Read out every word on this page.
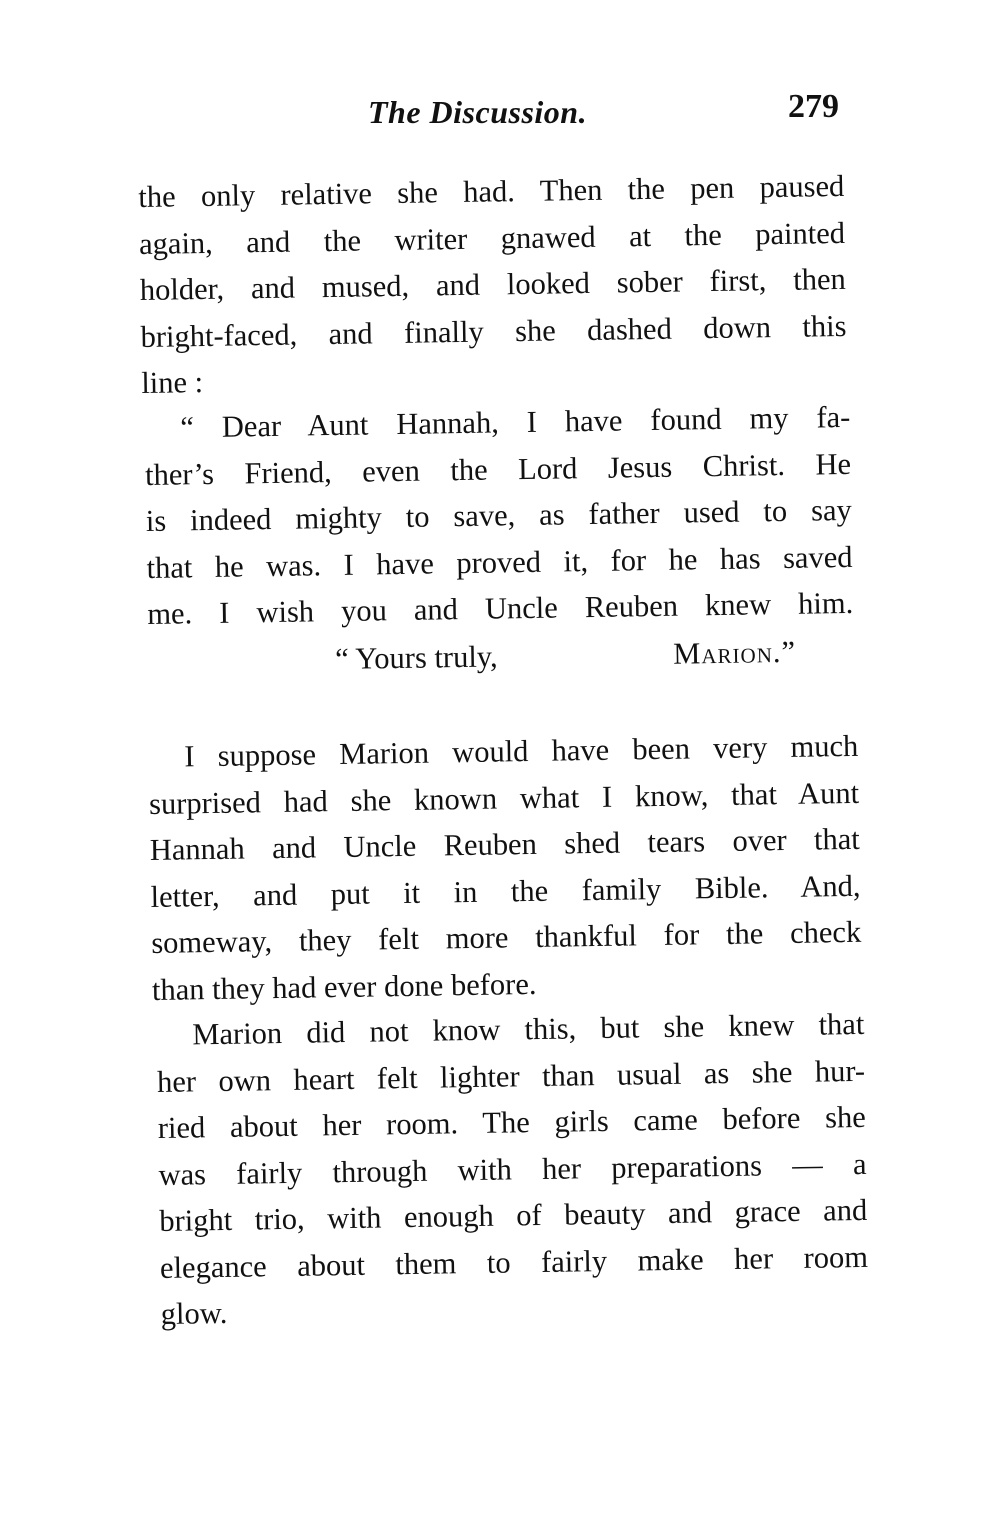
The Discussion.	279
the only relative she had. Then the pen paused
again, and the writer gnawed at the painted
holder, and mused, and looked sober first, then
bright-faced, and finally she dashed down this
line :
“ Dear Aunt Hannah, I have found my fa-
ther’s Friend, even the Lord Jesus Christ. He
is indeed mighty to save, as father used to say
that he was. I have proved it, for he has saved
me. I wish you and Uncle Reuben knew him.
“ Yours truly,	Marion.”
I suppose Marion would have been very much
surprised had she known what I know, that Aunt
Hannah and Uncle Reuben shed tears over that
letter, and put it in the family Bible. And,
someway, they felt more thankful for the check
than they had ever done before.
Marion did not know this, but she knew that
her own heart felt lighter than usual as she hur-
ried about her room. The girls came before she
was fairly through with her preparations — a
bright trio, with enough of beauty and grace and
elegance about them to fairly make her room
glow.
